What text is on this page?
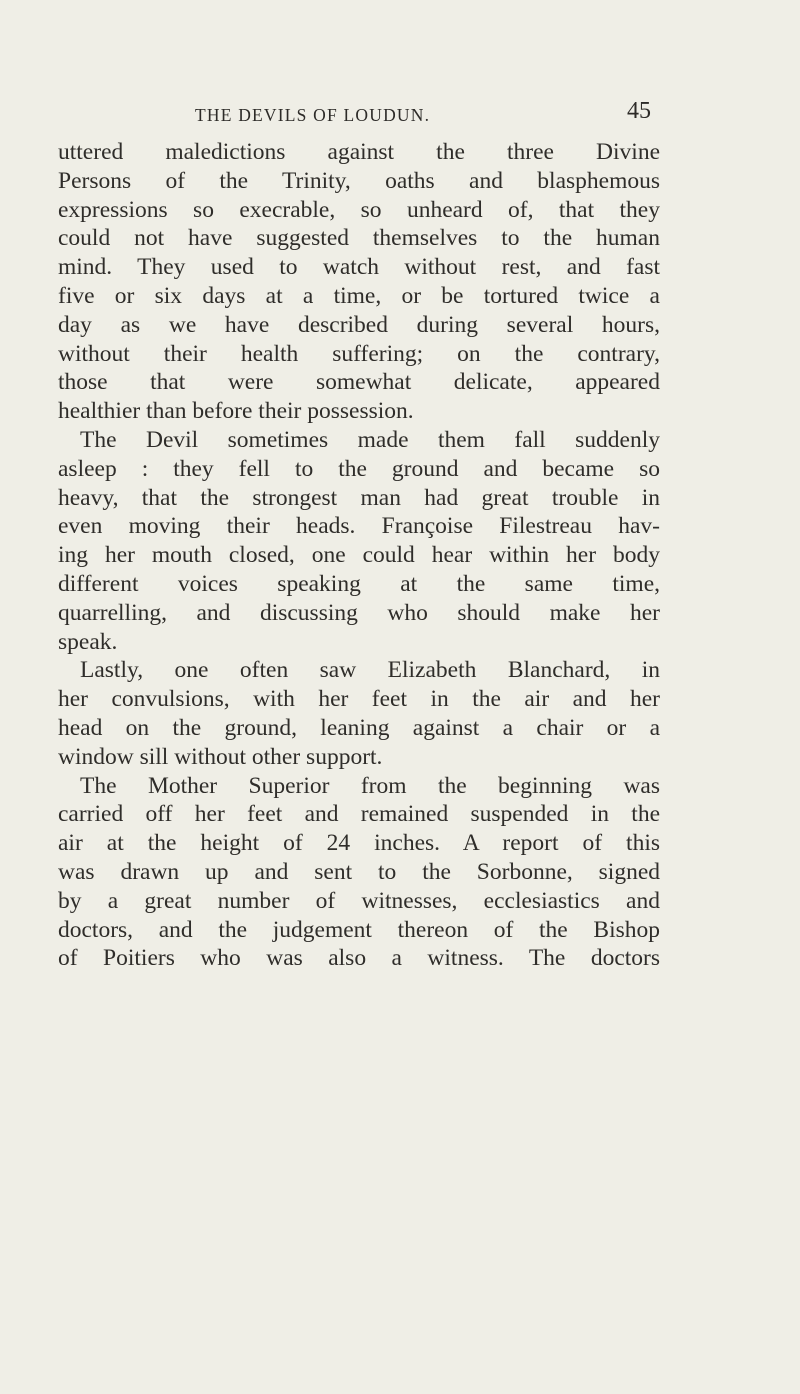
THE DEVILS OF LOUDUN.	45
uttered maledictions against the three Divine
Persons of the Trinity, oaths and blasphemous
expressions so execrable, so unheard of, that they
could not have suggested themselves to the human
mind. They used to watch without rest, and fast
five or six days at a time, or be tortured twice a
day as we have described during several hours,
without their health suffering; on the contrary,
those that were somewhat delicate, appeared
healthier than before their possession.
The Devil sometimes made them fall suddenly
asleep : they fell to the ground and became so
heavy, that the strongest man had great trouble in
even moving their heads. Françoise Filestreau hav-
ing her mouth closed, one could hear within her body
different voices speaking at the same time,
quarrelling, and discussing who should make her
speak.
Lastly, one often saw Elizabeth Blanchard, in
her convulsions, with her feet in the air and her
head on the ground, leaning against a chair or a
window sill without other support.
The Mother Superior from the beginning was
carried off her feet and remained suspended in the
air at the height of 24 inches. A report of this
was drawn up and sent to the Sorbonne, signed
by a great number of witnesses, ecclesiastics and
doctors, and the judgement thereon of the Bishop
of Poitiers who was also a witness. The doctors
